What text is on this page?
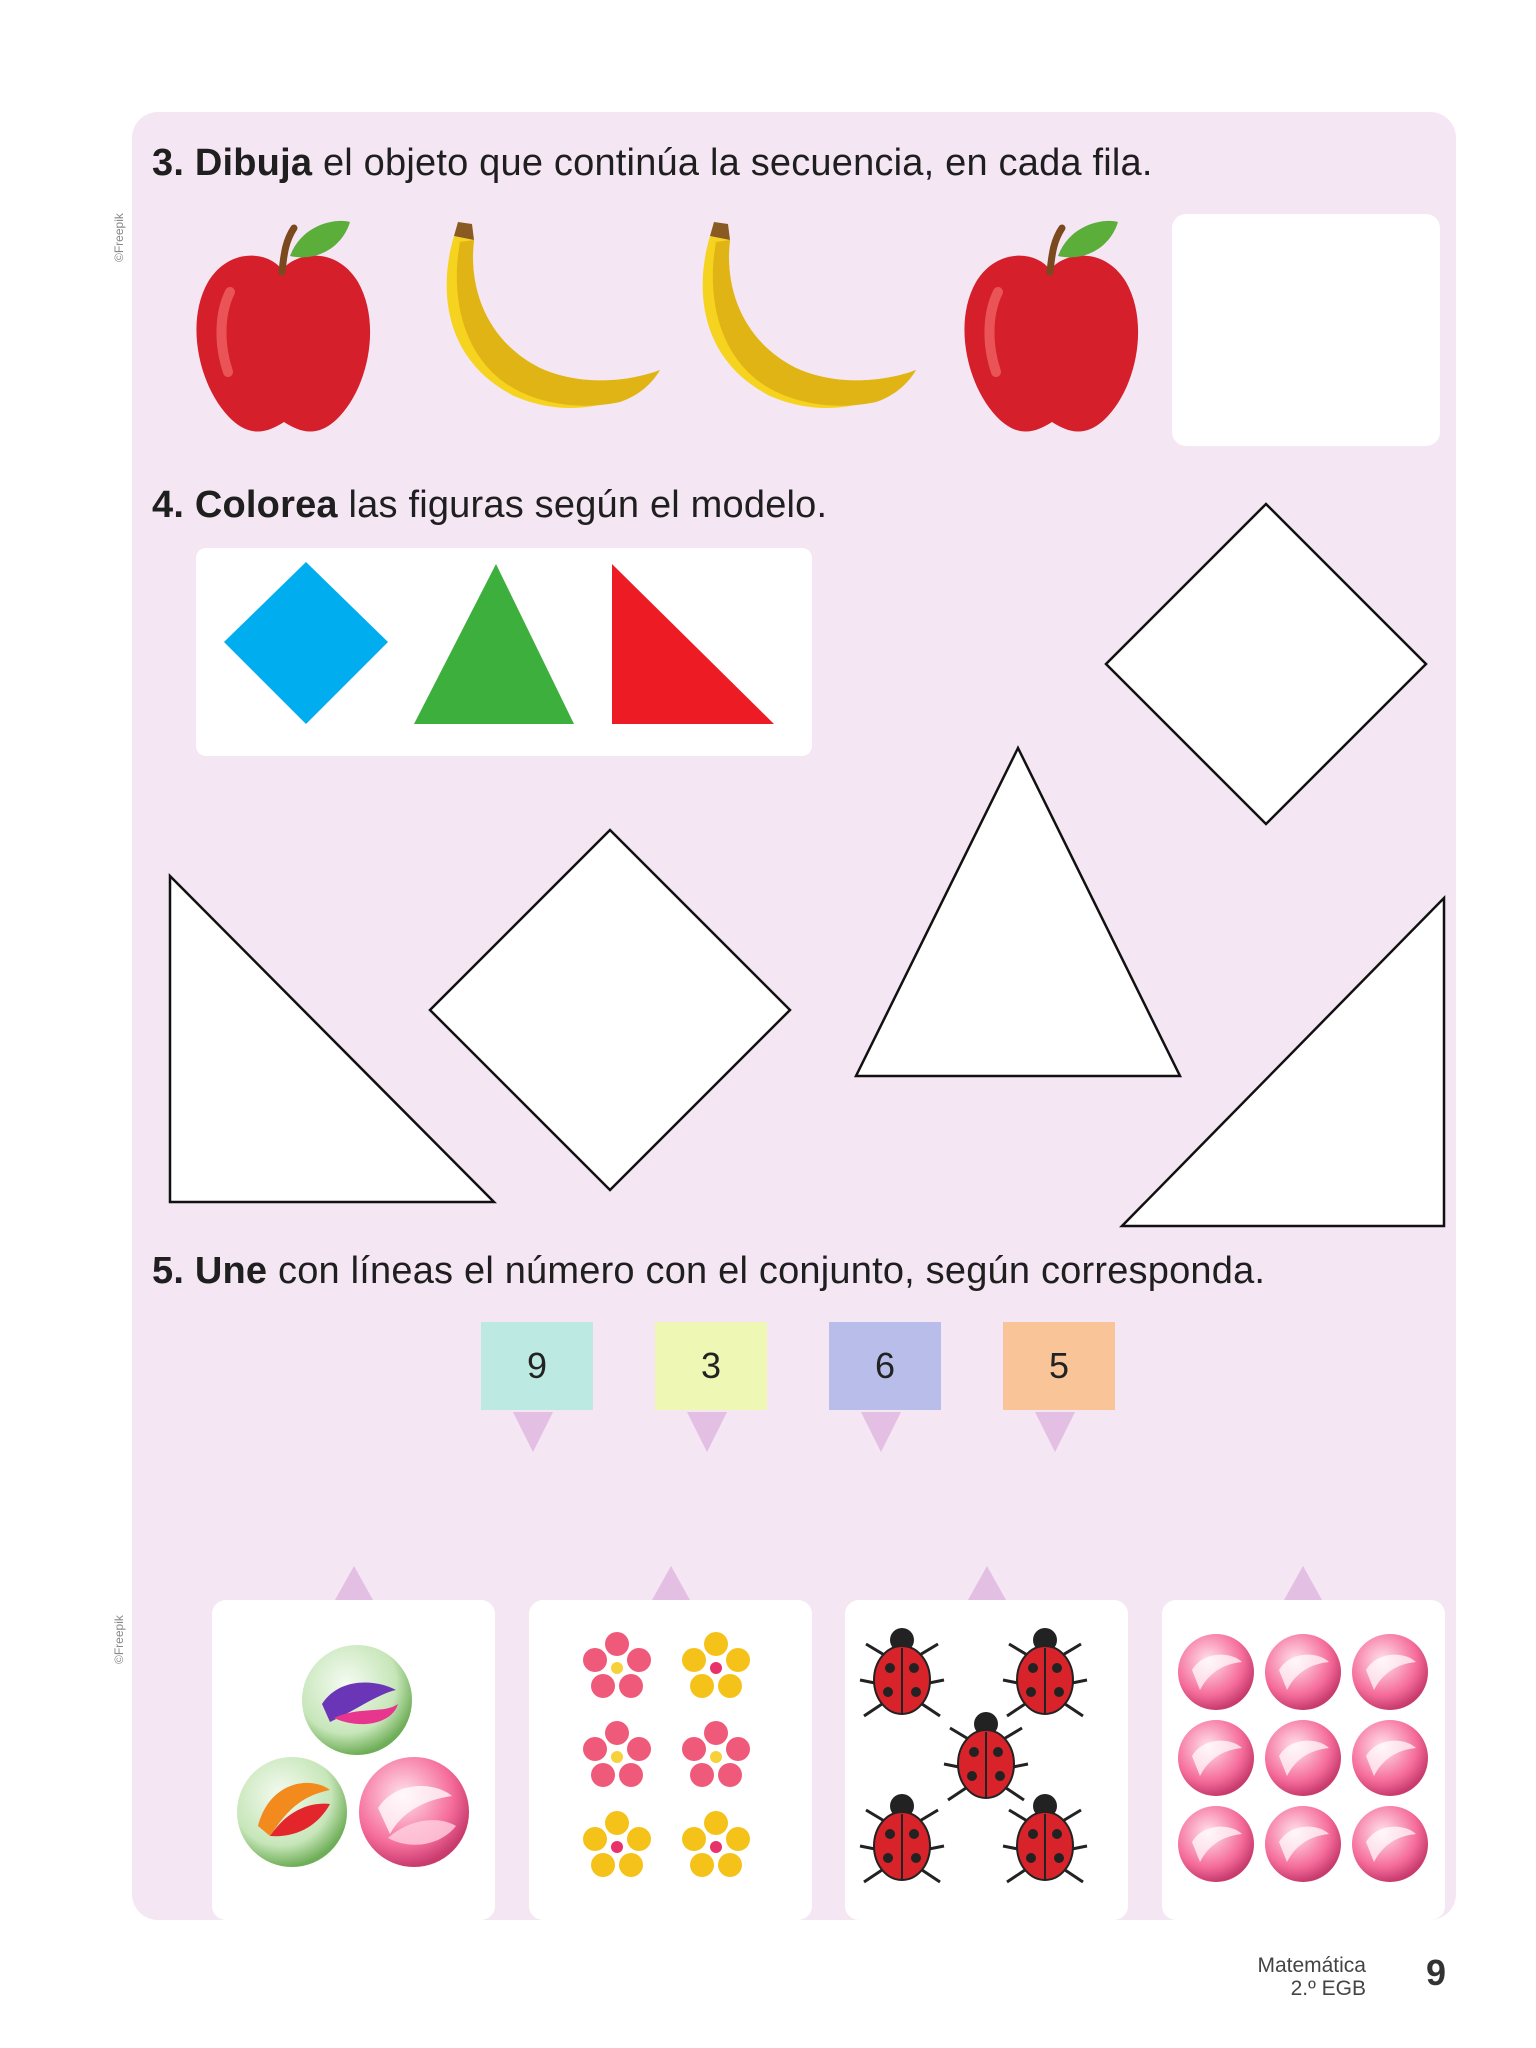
©Freepik
©Freepik
3. Dibuja el objeto que continúa la secuencia, en cada fila.
4. Colorea las figuras según el modelo.
5. Une con líneas el número con el conjunto, según corresponda.
9	3	6	5
Matemática
2.º EGB 9
